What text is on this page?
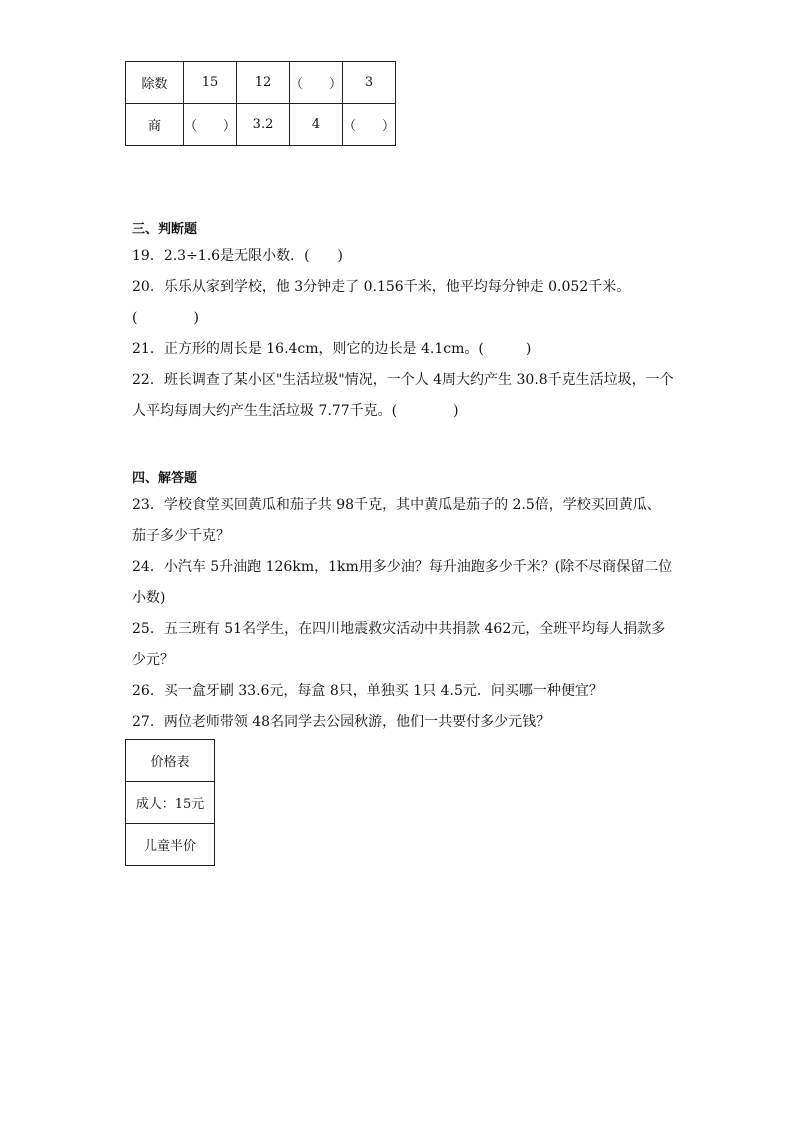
除数	15	12	（　　）	3
商	（　　）	3.2	4	（　　）
三、判断题
19．2.3÷1.6是无限小数．(　　)
20．乐乐从家到学校，他 3分钟走了 0.156千米，他平均每分钟走 0.052千米。
(　　　　)
21．正方形的周长是 16.4cm，则它的边长是 4.1cm。(　　　)
22．班长调查了某小区"生活垃圾"情况，一个人 4周大约产生 30.8千克生活垃圾，一个
人平均每周大约产生生活垃圾 7.77千克。(　　　　)
四、解答题
23．学校食堂买回黄瓜和茄子共 98千克，其中黄瓜是茄子的 2.5倍，学校买回黄瓜、
茄子多少千克？
24．小汽车 5升油跑 126km，1km用多少油？每升油跑多少千米？(除不尽商保留二位
小数)
25．五三班有 51名学生，在四川地震救灾活动中共捐款 462元，全班平均每人捐款多
少元？
26．买一盒牙刷 33.6元，每盒 8只，单独买 1只 4.5元．问买哪一种便宜？
27．两位老师带领 48名同学去公园秋游，他们一共要付多少元钱？
价格表
成人：15元
儿童半价
